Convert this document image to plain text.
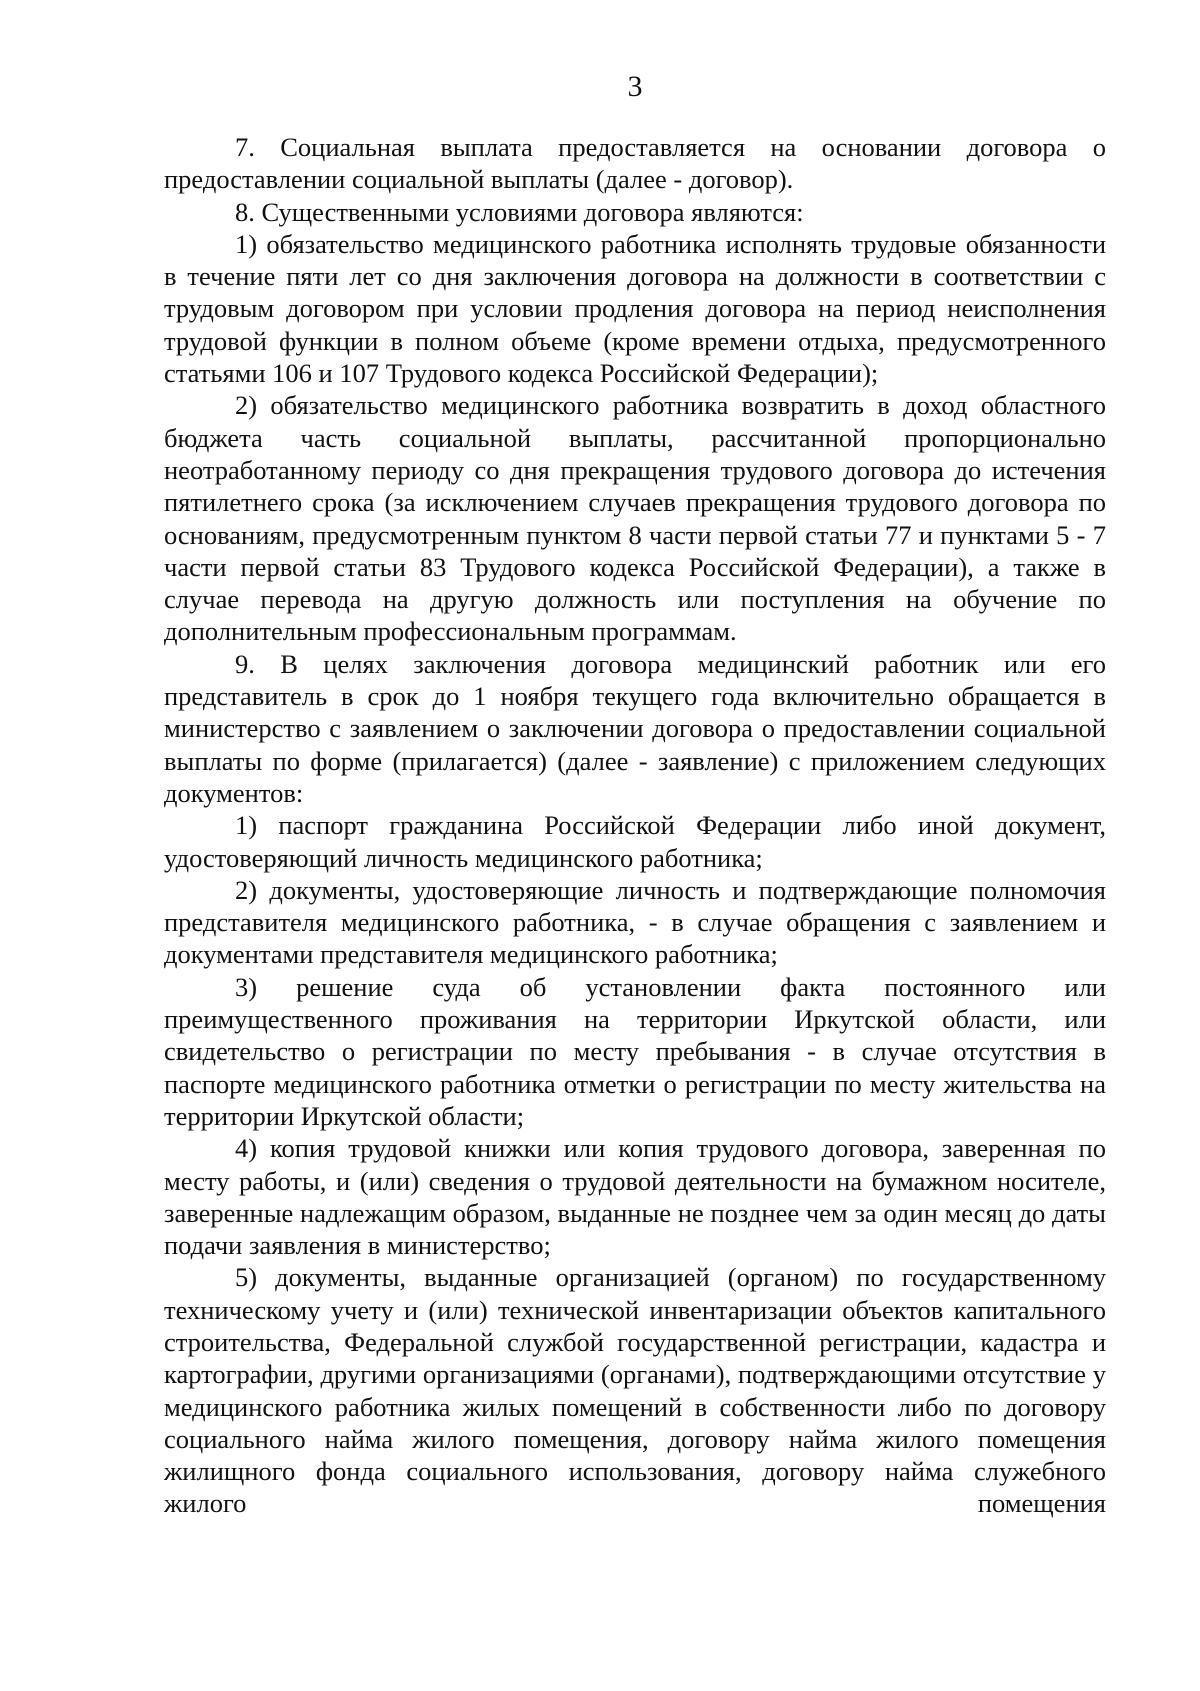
3

7. Социальная выплата предоставляется на основании договора о предоставлении социальной выплаты (далее - договор).

8. Существенными условиями договора являются:

1) обязательство медицинского работника исполнять трудовые обязанности в течение пяти лет со дня заключения договора на должности в соответствии с трудовым договором при условии продления договора на период неисполнения трудовой функции в полном объеме (кроме времени отдыха, предусмотренного статьями 106 и 107 Трудового кодекса Российской Федерации);

2) обязательство медицинского работника возвратить в доход областного бюджета часть социальной выплаты, рассчитанной пропорционально неотработанному периоду со дня прекращения трудового договора до истечения пятилетнего срока (за исключением случаев прекращения трудового договора по основаниям, предусмотренным пунктом 8 части первой статьи 77 и пунктами 5 - 7 части первой статьи 83 Трудового кодекса Российской Федерации), а также в случае перевода на другую должность или поступления на обучение по дополнительным профессиональным программам.

9. В целях заключения договора медицинский работник или его представитель в срок до 1 ноября текущего года включительно обращается в министерство с заявлением о заключении договора о предоставлении социальной выплаты по форме (прилагается) (далее - заявление) с приложением следующих документов:

1) паспорт гражданина Российской Федерации либо иной документ, удостоверяющий личность медицинского работника;

2) документы, удостоверяющие личность и подтверждающие полномочия представителя медицинского работника, - в случае обращения с заявлением и документами представителя медицинского работника;

3) решение суда об установлении факта постоянного или преимущественного проживания на территории Иркутской области, или свидетельство о регистрации по месту пребывания - в случае отсутствия в паспорте медицинского работника отметки о регистрации по месту жительства на территории Иркутской области;

4) копия трудовой книжки или копия трудового договора, заверенная по месту работы, и (или) сведения о трудовой деятельности на бумажном носителе, заверенные надлежащим образом, выданные не позднее чем за один месяц до даты подачи заявления в министерство;

5) документы, выданные организацией (органом) по государственному техническому учету и (или) технической инвентаризации объектов капитального строительства, Федеральной службой государственной регистрации, кадастра и картографии, другими организациями (органами), подтверждающими отсутствие у медицинского работника жилых помещений в собственности либо по договору социального найма жилого помещения, договору найма жилого помещения жилищного фонда социального использования, договору найма служебного жилого помещения
